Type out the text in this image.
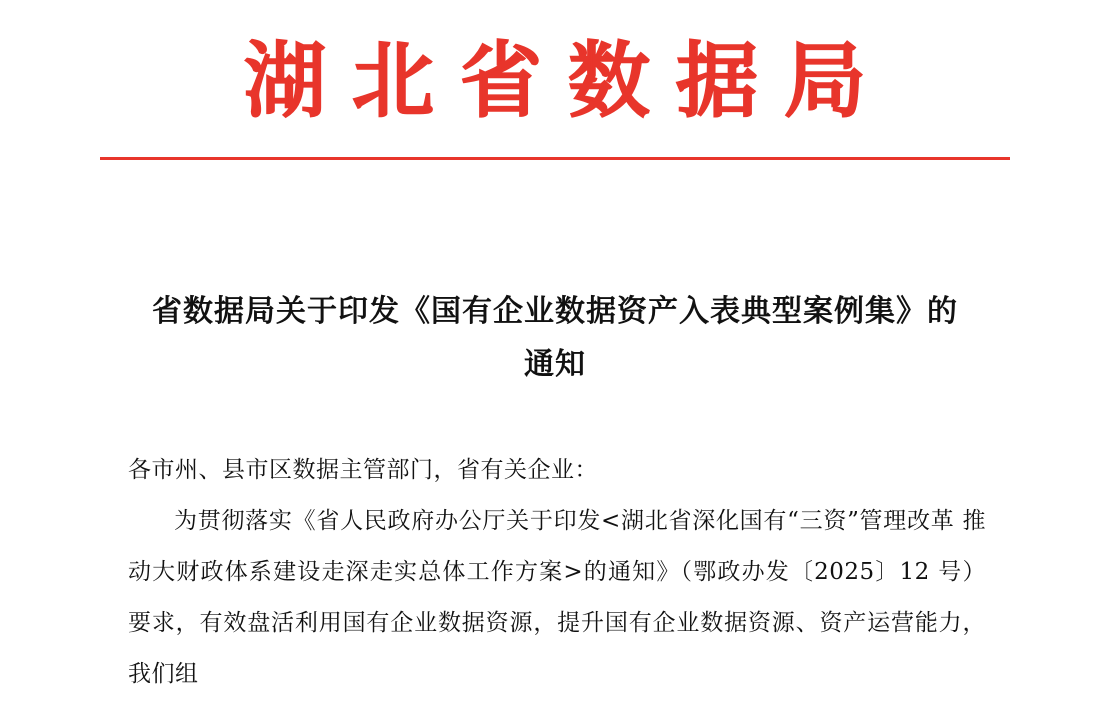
湖北省数据局
省数据局关于印发《国有企业数据资产入表典型案例集》的通知

各市州、县市区数据主管部门，省有关企业：

为贯彻落实《省人民政府办公厅关于印发<湖北省深化国有“三资”管理改革 推动大财政体系建设走深走实总体工作方案>的通知》（鄂政办发〔2025〕12 号）要求，有效盘活利用国有企业数据资源，提升国有企业数据资源、资产运营能力，我们组
